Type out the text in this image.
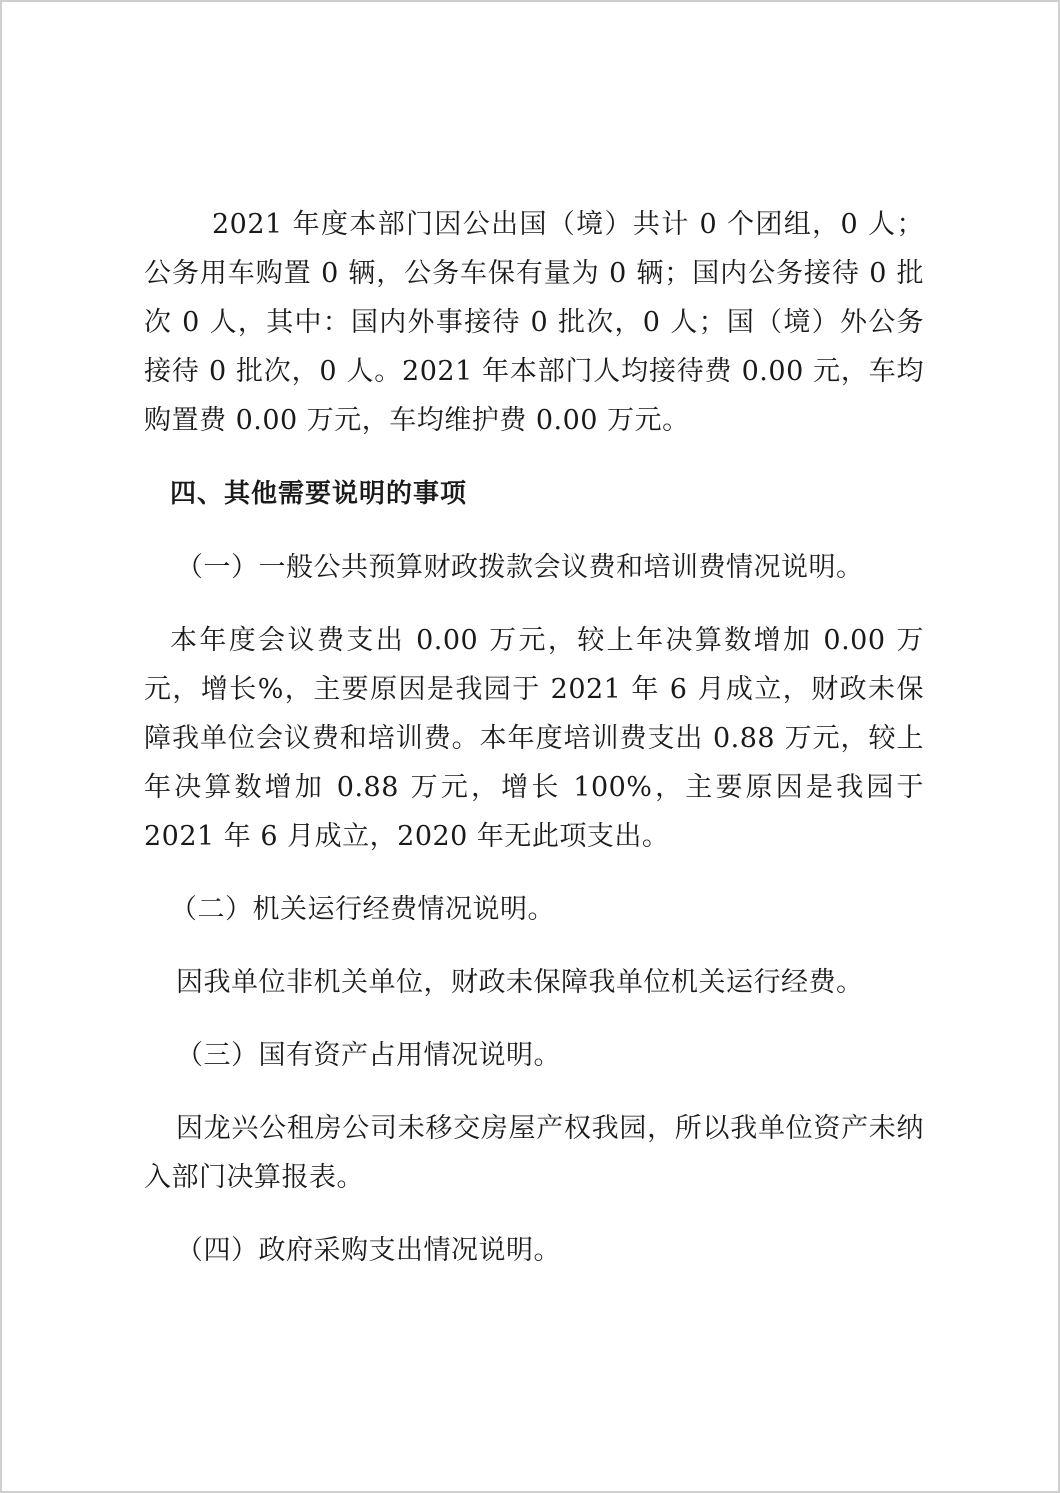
2021 年度本部门因公出国（境）共计 0 个团组，0 人；公务用车购置 0 辆，公务车保有量为 0 辆；国内公务接待 0 批次 0 人，其中：国内外事接待 0 批次，0 人；国（境）外公务接待 0 批次，0 人。2021 年本部门人均接待费 0.00 元，车均购置费 0.00 万元，车均维护费 0.00 万元。

四、其他需要说明的事项

（一）一般公共预算财政拨款会议费和培训费情况说明。

本年度会议费支出 0.00 万元，较上年决算数增加 0.00 万元，增长%，主要原因是我园于 2021 年 6 月成立，财政未保障我单位会议费和培训费。本年度培训费支出 0.88 万元，较上年决算数增加 0.88 万元，增长 100%，主要原因是我园于 2021 年 6 月成立，2020 年无此项支出。

（二）机关运行经费情况说明。

因我单位非机关单位，财政未保障我单位机关运行经费。

（三）国有资产占用情况说明。

因龙兴公租房公司未移交房屋产权我园，所以我单位资产未纳入部门决算报表。

（四）政府采购支出情况说明。
